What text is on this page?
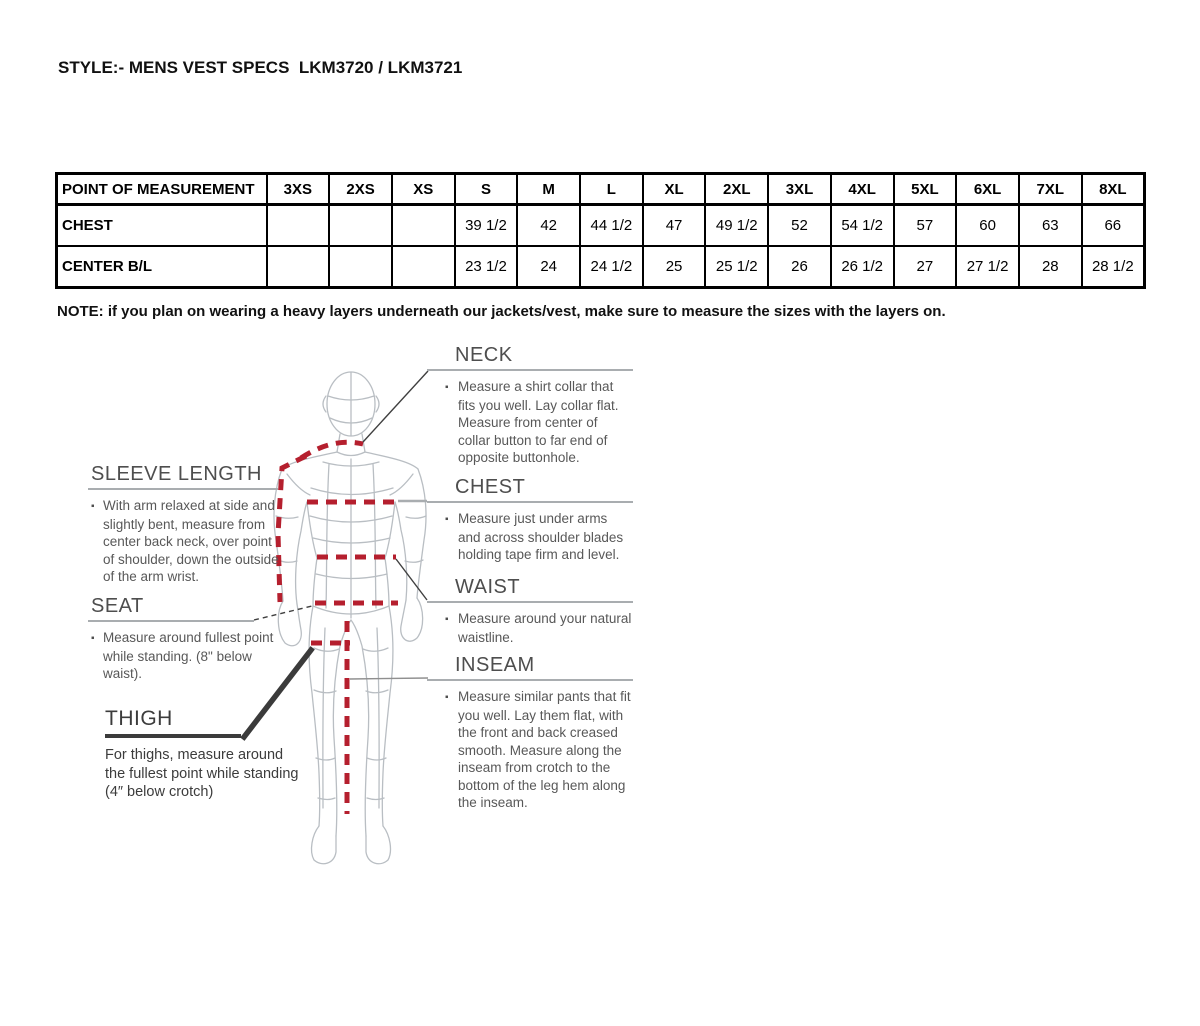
STYLE:- MENS VEST SPECS  LKM3720 / LKM3721
POINT OF MEASUREMENT	3XS	2XS	XS	S	M	L	XL	2XL	3XL	4XL	5XL	6XL	7XL	8XL
CHEST				39 1/2	42	44 1/2	47	49 1/2	52	54 1/2	57	60	63	66
CENTER B/L				23 1/2	24	24 1/2	25	25 1/2	26	26 1/2	27	27 1/2	28	28 1/2
NOTE: if you plan on wearing a heavy layers underneath our jackets/vest, make sure to measure the sizes with the layers on.
NECK

▪ Measure a shirt collar that fits you well. Lay collar flat. Measure from center of collar button to far end of opposite buttonhole.

CHEST

▪ Measure just under arms and across shoulder blades holding tape firm and level.

WAIST

▪ Measure around your natural waistline.

INSEAM

▪ Measure similar pants that fit you well. Lay them flat, with the front and back creased smooth. Measure along the inseam from crotch to the bottom of the leg hem along the inseam.

SLEEVE LENGTH

▪ With arm relaxed at side and slightly bent, measure from center back neck, over point of shoulder, down the outside of the arm wrist.

SEAT

▪ Measure around fullest point while standing. (8" below waist).

THIGH

For thighs, measure around the fullest point while standing (4″ below crotch)
